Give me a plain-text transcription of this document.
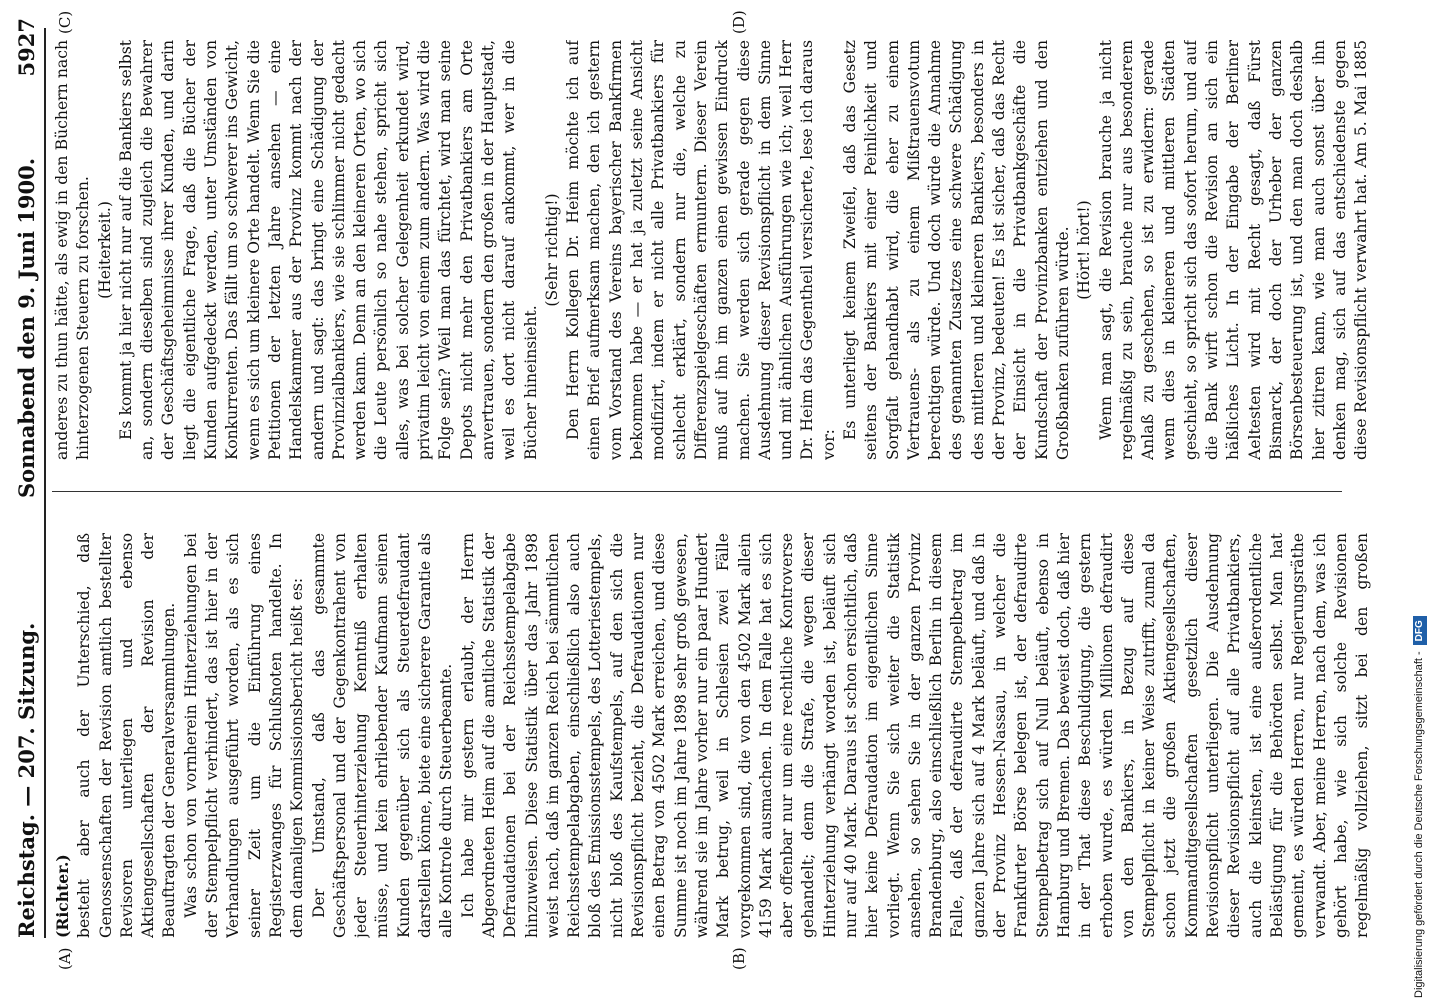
Reichstag. — 207. Sitzung.
Sonnabend den 9. Juni 1900.
5927
(A)	(B)
(C)	(D)

(Richter.) besteht aber auch der Unterschied, daß Genossenschaften der Revision amtlich bestellter Revisoren unterliegen und ebenso Aktiengesellschaften der Revision der Beauftragten der Generalversammlungen. Was schon von vornherein Hinterziehungen bei der Stempelpflicht verhindert, das ist hier in der Verhandlungen ausgeführt worden, als es sich seiner Zeit um die Einführung eines Registerzwanges für Schlußnoten handelte. In dem damaligen Kommissionsbericht heißt es: Der Umstand, daß das gesammte Geschäftspersonal und der Gegenkontrahent von jeder Steuerhinterziehung Kenntniß erhalten müsse, und kein ehrliebender Kaufmann seinen Kunden gegenüber sich als Steuerdefraudant darstellen könne, biete eine sicherere Garantie als alle Kontrole durch Steuerbeamte. Ich habe mir gestern erlaubt, der Herrn Abgeordneten Heim auf die amtliche Statistik der Defraudationen bei der Reichsstempelabgabe hinzuweisen. Diese Statistik über das Jahr 1898 weist nach, daß im ganzen Reich bei sämmtlichen Reichsstempelabgaben, einschließlich also auch bloß des Emissionsstempels, des Lotteriestempels, nicht bloß des Kaufstempels, auf den sich die Revisionspflicht bezieht, die Defraudationen nur einen Betrag von 4502 Mark erreichen, und diese Summe ist noch im Jahre 1898 sehr groß gewesen, während sie im Jahre vorher nur ein paar Hundert Mark betrug, weil in Schlesien zwei Fälle vorgekommen sind, die von den 4502 Mark allein 4159 Mark ausmachen. In dem Falle hat es sich aber offenbar nur um eine rechtliche Kontroverse gehandelt; denn die Strafe, die wegen dieser Hinterziehung verhängt worden ist, beläuft sich nur auf 40 Mark. Daraus ist schon ersichtlich, daß hier keine Defraudation im eigentlichen Sinne vorliegt. Wenn Sie sich weiter die Statistik ansehen, so sehen Sie in der ganzen Provinz Brandenburg, also einschließlich Berlin in diesem Falle, daß der defraudirte Stempelbetrag im ganzen Jahre sich auf 4 Mark beläuft, und daß in der Provinz Hessen-Nassau, in welcher die Frankfurter Börse belegen ist, der defraudirte Stempelbetrag sich auf Null beläuft, ebenso in Hamburg und Bremen. Das beweist doch, daß hier in der That diese Beschuldigung, die gestern erhoben wurde, es würden Millionen defraudirt von den Bankiers, in Bezug auf diese Stempelpflicht in keiner Weise zutrifft, zumal da schon jetzt die großen Aktiengesellschaften, Kommanditgesellschaften gesetzlich dieser Revisionspflicht unterliegen. Die Ausdehnung dieser Revisionspflicht auf alle Privatbankiers, auch die kleinsten, ist eine außerordentliche Belästigung für die Behörden selbst. Man hat gemeint, es würden Herren, nur Regierungsräthe verwandt. Aber, meine Herren, nach dem, was ich gehört habe, wie sich solche Revisionen regelmäßig vollziehen, sitzt bei den großen

anderes zu thun hätte, als ewig in den Büchern nach hinterzogenen Steuern zu forschen. (Heiterkeit.) Es kommt ja hier nicht nur auf die Bankiers selbst an, sondern dieselben sind zugleich die Bewahrer der Geschäftsgeheimnisse ihrer Kunden, und darin liegt die eigentliche Frage, daß die Bücher der Kunden aufgedeckt werden, unter Umständen von Konkurrenten. Das fällt um so schwerer ins Gewicht, wenn es sich um kleinere Orte handelt. Wenn Sie die Petitionen der letzten Jahre ansehen — eine Handelskammer aus der Provinz kommt nach der andern und sagt: das bringt eine Schädigung der Provinzialbankiers, wie sie schlimmer nicht gedacht werden kann. Denn an den kleineren Orten, wo sich die Leute persönlich so nahe stehen, spricht sich alles, was bei solcher Gelegenheit erkundet wird, privatim leicht von einem zum andern. Was wird die Folge sein? Weil man das fürchtet, wird man seine Depots nicht mehr den Privatbankiers am Orte anvertrauen, sondern den großen in der Hauptstadt, weil es dort nicht darauf ankommt, wer in die Bücher hineinsieht.

(Sehr richtig!) Den Herrn Kollegen Dr. Heim möchte ich auf einen Brief aufmerksam machen, den ich gestern vom Vorstand des Vereins bayerischer Bankfirmen bekommen habe — er hat ja zuletzt seine Ansicht modifizirt, indem er nicht alle Privatbankiers für schlecht erklärt, sondern nur die, welche zu Differenzspielgeschäften ermuntern. Dieser Verein muß auf ihn im ganzen einen gewissen Eindruck machen. Sie werden sich gerade gegen diese Ausdehnung dieser Revisionspflicht in dem Sinne und mit ähnlichen Ausführungen wie ich; weil Herr Dr. Heim das Gegentheil versicherte, lese ich daraus vor:

Es unterliegt keinem Zweifel, daß das Gesetz seitens der Bankiers mit einer Peinlichkeit und Sorgfalt gehandhabt wird, die eher zu einem Vertrauens- als zu einem Mißtrauensvotum berechtigen würde. Und doch würde die Annahme des genannten Zusatzes eine schwere Schädigung des mittleren und kleineren Bankiers, besonders in der Provinz, bedeuten! Es ist sicher, daß das Recht der Einsicht in die Privatbankgeschäfte die Kundschaft der Provinzbanken entziehen und den Großbanken zuführen würde. (Hört! hört!)

Wenn man sagt, die Revision brauche ja nicht regelmäßig zu sein, brauche nur aus besonderem Anlaß zu geschehen, so ist zu erwidern: gerade wenn dies in kleineren und mittleren Städten geschieht, so spricht sich das sofort herum, und auf die Bank wirft schon die Revision an sich ein häßliches Licht. In der Eingabe der Berliner Aeltesten wird mit Recht gesagt, daß Fürst Bismarck, der doch der Urheber der ganzen Börsenbesteuerung ist, und den man doch deshalb hier zitiren kann, wie man auch sonst über ihn denken mag, sich auf das entschiedenste gegen diese Revisionspflicht verwahrt hat. Am 5. Mai 1885

Digitalisierung gefördert durch die Deutsche Forschungsgemeinschaft -DFG
